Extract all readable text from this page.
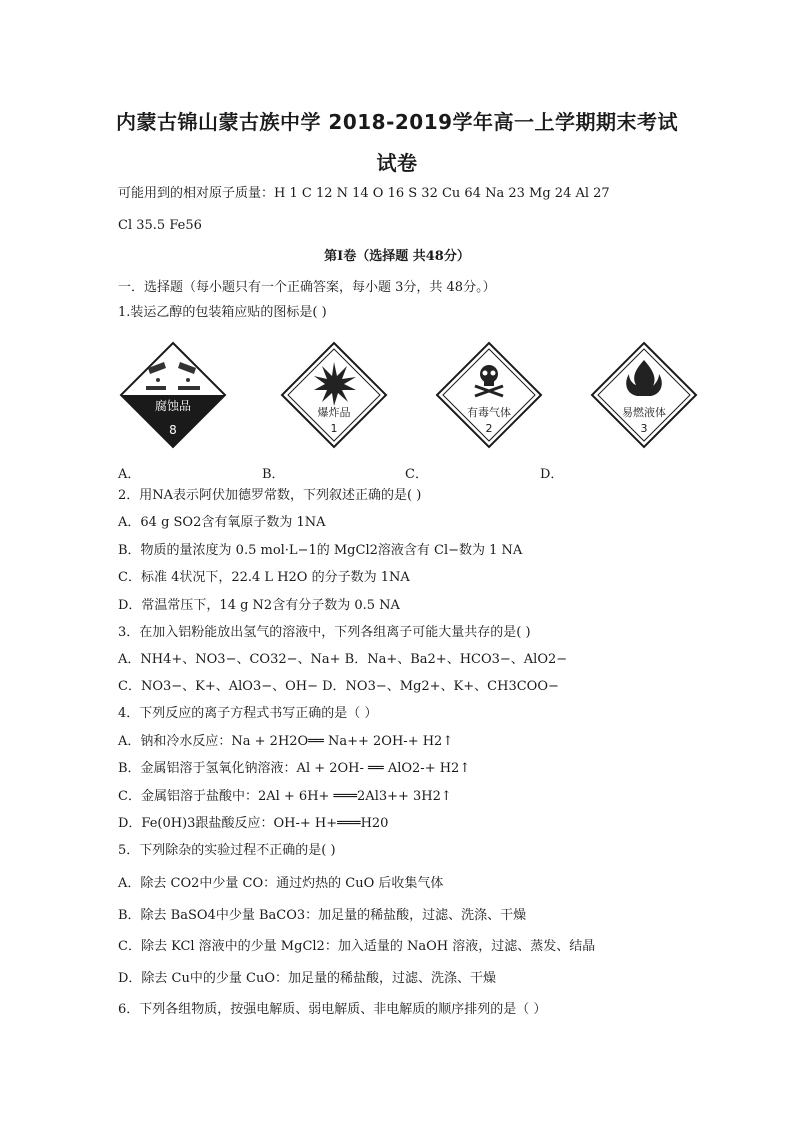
内蒙古锦山蒙古族中学 2018-2019学年高一上学期期末考试
试卷
可能用到的相对原子质量：H 1 C 12 N 14 O 16 S 32 Cu 64 Na 23 Mg 24 Al 27
Cl 35.5 Fe56
第Ⅰ卷（选择题 共48分）
一．选择题（每小题只有一个正确答案，每小题 3分，共 48分。）
1.装运乙醇的包装箱应贴的图标是( )
腐蚀品
8
爆炸品
1
有毒气体
2
易燃液体
3
A．	B．	C．	D．
2．用NA表示阿伏加德罗常数，下列叙述正确的是( )
A．64 g SO2含有氧原子数为 1NA
B．物质的量浓度为 0.5 mol·L−1的 MgCl2溶液含有 Cl−数为 1 NA
C．标准 4状况下，22.4 L H2O 的分子数为 1NA
D．常温常压下，14 g N2含有分子数为 0.5 NA
3．在加入铝粉能放出氢气的溶液中，下列各组离子可能大量共存的是( )
A．NH4+、NO3−、CO32−、Na+ B．Na+、Ba2+、HCO3−、AlO2−
C．NO3−、K+、AlO3−、OH− D．NO3−、Mg2+、K+、CH3COO−
4．下列反应的离子方程式书写正确的是（ ）
A．钠和冷水反应：Na + 2H2O══ Na++ 2OH-+ H2↑
B．金属铝溶于氢氧化钠溶液：Al + 2OH- ══ AlO2-+ H2↑
C．金属铝溶于盐酸中：2Al + 6H+ ═══2Al3++ 3H2↑
D．Fe(0H)3跟盐酸反应：OH-+ H+═══H20
5．下列除杂的实验过程不正确的是( )
A．除去 CO2中少量 CO：通过灼热的 CuO 后收集气体
B．除去 BaSO4中少量 BaCO3：加足量的稀盐酸，过滤、洗涤、干燥
C．除去 KCl 溶液中的少量 MgCl2：加入适量的 NaOH 溶液，过滤、蒸发、结晶
D．除去 Cu中的少量 CuO：加足量的稀盐酸，过滤、洗涤、干燥
6．下列各组物质，按强电解质、弱电解质、非电解质的顺序排列的是（ ）
